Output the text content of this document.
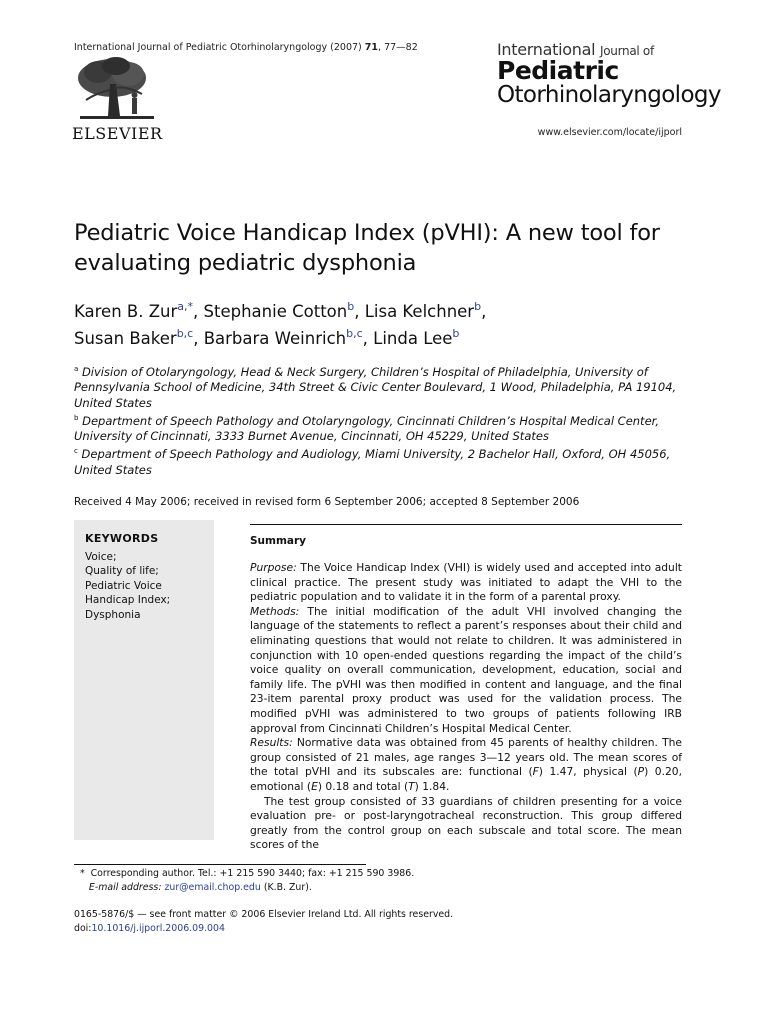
International Journal of Pediatric Otorhinolaryngology (2007) 71, 77—82
ELSEVIER
International Journal of
Pediatric
Otorhinolaryngology
www.elsevier.com/locate/ijporl
Pediatric Voice Handicap Index (pVHI): A new tool for evaluating pediatric dysphonia
Karen B. Zur$^{a,*}$, Stephanie Cotton$^b$, Lisa Kelchner$^b$,
Susan Baker$^{b,c}$, Barbara Weinrich$^{b,c}$, Linda Lee$^b$
$^a$ Division of Otolaryngology, Head & Neck Surgery, Children’s Hospital of Philadelphia, University of Pennsylvania School of Medicine, 34th Street & Civic Center Boulevard, 1 Wood, Philadelphia, PA 19104, United States
$^b$ Department of Speech Pathology and Otolaryngology, Cincinnati Children’s Hospital Medical Center, University of Cincinnati, 3333 Burnet Avenue, Cincinnati, OH 45229, United States
$^c$ Department of Speech Pathology and Audiology, Miami University, 2 Bachelor Hall, Oxford, OH 45056, United States
Received 4 May 2006; received in revised form 6 September 2006; accepted 8 September 2006
KEYWORDS
Voice;
Quality of life;
Pediatric Voice
Handicap Index;
Dysphonia
Summary

Purpose: The Voice Handicap Index (VHI) is widely used and accepted into adult clinical practice. The present study was initiated to adapt the VHI to the pediatric population and to validate it in the form of a parental proxy.

Methods: The initial modification of the adult VHI involved changing the language of the statements to reflect a parent’s responses about their child and eliminating questions that would not relate to children. It was administered in conjunction with 10 open-ended questions regarding the impact of the child’s voice quality on overall communication, development, education, social and family life. The pVHI was then modified in content and language, and the final 23-item parental proxy product was used for the validation process. The modified pVHI was administered to two groups of patients following IRB approval from Cincinnati Children’s Hospital Medical Center.

Results: Normative data was obtained from 45 parents of healthy children. The group consisted of 21 males, age ranges 3—12 years old. The mean scores of the total pVHI and its subscales are: functional (F) 1.47, physical (P) 0.20, emotional (E) 0.18 and total (T) 1.84.

The test group consisted of 33 guardians of children presenting for a voice evaluation pre- or post-laryngotracheal reconstruction. This group differed greatly from the control group on each subscale and total score. The mean scores of the

*  Corresponding author. Tel.: +1 215 590 3440; fax: +1 215 590 3986.
E-mail address: zur@email.chop.edu (K.B. Zur).
0165-5876/$ — see front matter © 2006 Elsevier Ireland Ltd. All rights reserved.
doi:10.1016/j.ijporl.2006.09.004
